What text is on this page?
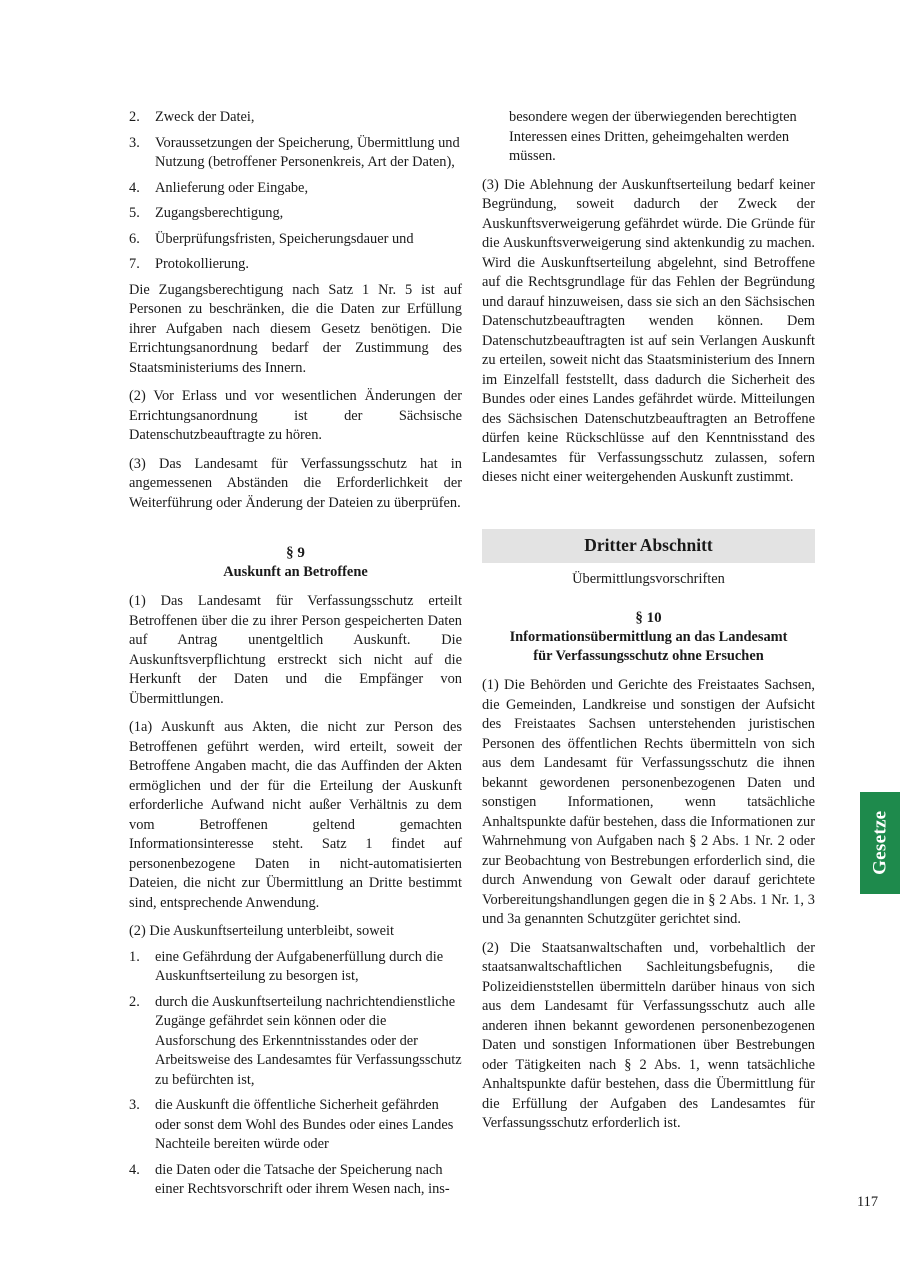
2.	Zweck der Datei,
3.	Voraussetzungen der Speicherung, Übermittlung und Nutzung (betroffener Personenkreis, Art der Daten),
4.	Anlieferung oder Eingabe,
5.	Zugangsberechtigung,
6.	Überprüfungsfristen, Speicherungsdauer und
7.	Protokollierung.

Die Zugangsberechtigung nach Satz 1 Nr. 5 ist auf Personen zu beschränken, die die Daten zur Erfüllung ihrer Aufgaben nach diesem Gesetz benötigen. Die Errichtungsanordnung bedarf der Zustimmung des Staatsministeriums des Innern.

(2) Vor Erlass und vor wesentlichen Änderungen der Errichtungsanordnung ist der Sächsische Datenschutzbeauftragte zu hören.

(3) Das Landesamt für Verfassungsschutz hat in angemessenen Abständen die Erforderlichkeit der Weiterführung oder Änderung der Dateien zu überprüfen.

§ 9
Auskunft an Betroffene

(1) Das Landesamt für Verfassungsschutz erteilt Betroffenen über die zu ihrer Person gespeicherten Daten auf Antrag unentgeltlich Auskunft. Die Auskunftsverpflichtung erstreckt sich nicht auf die Herkunft der Daten und die Empfänger von Übermittlungen.

(1a) Auskunft aus Akten, die nicht zur Person des Betroffenen geführt werden, wird erteilt, soweit der Betroffene Angaben macht, die das Auffinden der Akten ermöglichen und der für die Erteilung der Auskunft erforderliche Aufwand nicht außer Verhältnis zu dem vom Betroffenen geltend gemachten Informationsinteresse steht. Satz 1 findet auf personenbezogene Daten in nicht-automatisierten Dateien, die nicht zur Übermittlung an Dritte bestimmt sind, entsprechende Anwendung.

(2) Die Auskunftserteilung unterbleibt, soweit

1.	eine Gefährdung der Aufgabenerfüllung durch die Auskunftserteilung zu besorgen ist,
2.	durch die Auskunftserteilung nachrichtendienstliche Zugänge gefährdet sein können oder die Ausforschung des Erkenntnisstandes oder der Arbeitsweise des Landesamtes für Verfassungsschutz zu befürchten ist,
3.	die Auskunft die öffentliche Sicherheit gefährden oder sonst dem Wohl des Bundes oder eines Landes Nachteile bereiten würde oder
4.	die Daten oder die Tatsache der Speicherung nach einer Rechtsvorschrift oder ihrem Wesen nach, ins-

besondere wegen der überwiegenden berechtigten Interessen eines Dritten, geheimgehalten werden müssen.

(3) Die Ablehnung der Auskunftserteilung bedarf keiner Begründung, soweit dadurch der Zweck der Auskunftsverweigerung gefährdet würde. Die Gründe für die Auskunftsverweigerung sind aktenkundig zu machen. Wird die Auskunftserteilung abgelehnt, sind Betroffene auf die Rechtsgrundlage für das Fehlen der Begründung und darauf hinzuweisen, dass sie sich an den Sächsischen Datenschutzbeauftragten wenden können. Dem Datenschutzbeauftragten ist auf sein Verlangen Auskunft zu erteilen, soweit nicht das Staatsministerium des Innern im Einzelfall feststellt, dass dadurch die Sicherheit des Bundes oder eines Landes gefährdet würde. Mitteilungen des Sächsischen Datenschutzbeauftragten an Betroffene dürfen keine Rückschlüsse auf den Kenntnisstand des Landesamtes für Verfassungsschutz zulassen, sofern dieses nicht einer weitergehenden Auskunft zustimmt.

Dritter Abschnitt
Übermittlungsvorschriften
§ 10
Informationsübermittlung an das Landesamt
für Verfassungsschutz ohne Ersuchen

(1) Die Behörden und Gerichte des Freistaates Sachsen, die Gemeinden, Landkreise und sonstigen der Aufsicht des Freistaates Sachsen unterstehenden juristischen Personen des öffentlichen Rechts übermitteln von sich aus dem Landesamt für Verfassungsschutz die ihnen bekannt gewordenen personenbezogenen Daten und sonstigen Informationen, wenn tatsächliche Anhaltspunkte dafür bestehen, dass die Informationen zur Wahrnehmung von Aufgaben nach § 2 Abs. 1 Nr. 2 oder zur Beobachtung von Bestrebungen erforderlich sind, die durch Anwendung von Gewalt oder darauf gerichtete Vorbereitungshandlungen gegen die in § 2 Abs. 1 Nr. 1, 3 und 3a genannten Schutzgüter gerichtet sind.

(2) Die Staatsanwaltschaften und, vorbehaltlich der staatsanwaltschaftlichen Sachleitungsbefugnis, die Polizeidienststellen übermitteln darüber hinaus von sich aus dem Landesamt für Verfassungsschutz auch alle anderen ihnen bekannt gewordenen personenbezogenen Daten und sonstigen Informationen über Bestrebungen oder Tätigkeiten nach § 2 Abs. 1, wenn tatsächliche Anhaltspunkte dafür bestehen, dass die Übermittlung für die Erfüllung der Aufgaben des Landesamtes für Verfassungsschutz erforderlich ist.

Gesetze
117
